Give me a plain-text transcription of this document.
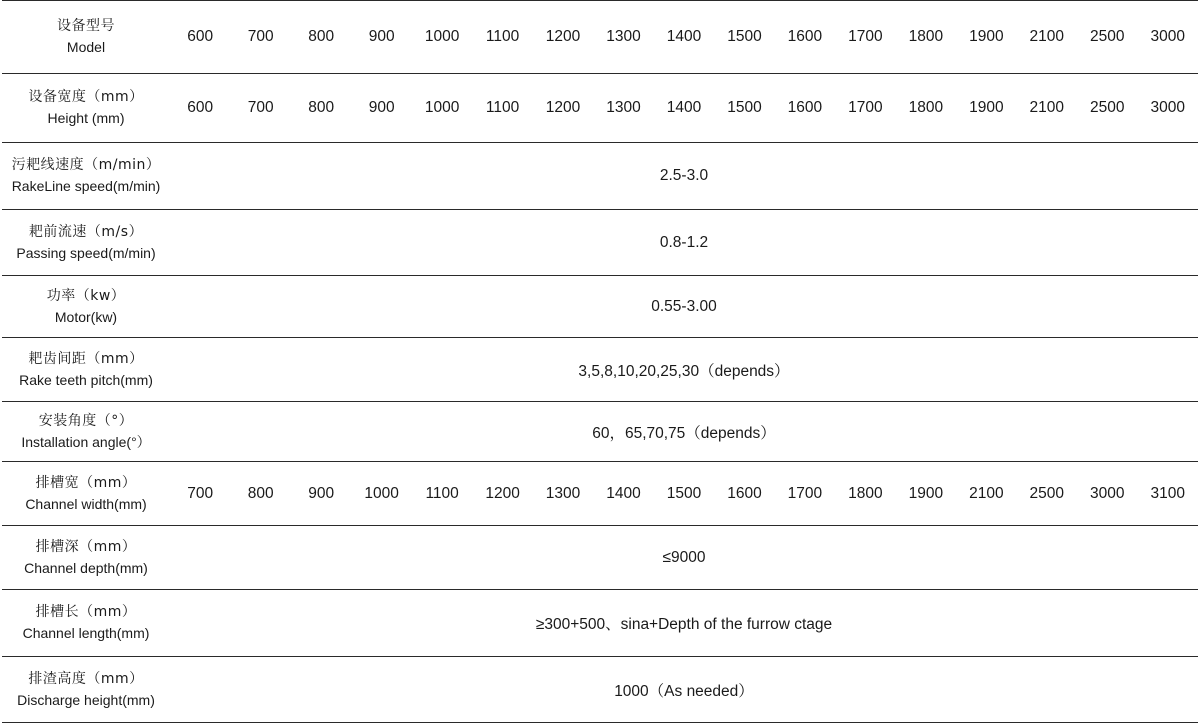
设备型号
Model	600	700	800	900	1000	1100	1200	1300	1400	1500	1600	1700	1800	1900	2100	2500	3000

设备宽度（mm）
Height (mm)	600	700	800	900	1000	1100	1200	1300	1400	1500	1600	1700	1800	1900	2100	2500	3000

污耙线速度（m/min）
RakeLine speed(m/min)	2.5-3.0																

耙前流速（m/s）
Passing speed(m/min)	0.8-1.2																

功率（kw）
Motor(kw)	0.55-3.00																

耙齿间距（mm）
Rake teeth pitch(mm)	3,5,8,10,20,25,30（depends）																

安装角度（°）
Installation angle(°）	60，65,70,75（depends）																

排槽宽（mm）
Channel width(mm)	700	800	900	1000	1100	1200	1300	1400	1500	1600	1700	1800	1900	2100	2500	3000	3100

排槽深（mm）
Channel depth(mm)	≤9000																

排槽长（mm）
Channel length(mm)	≥300+500、sina+Depth of the furrow ctage																

排渣高度（mm）
Discharge height(mm)	1000（As needed）																
